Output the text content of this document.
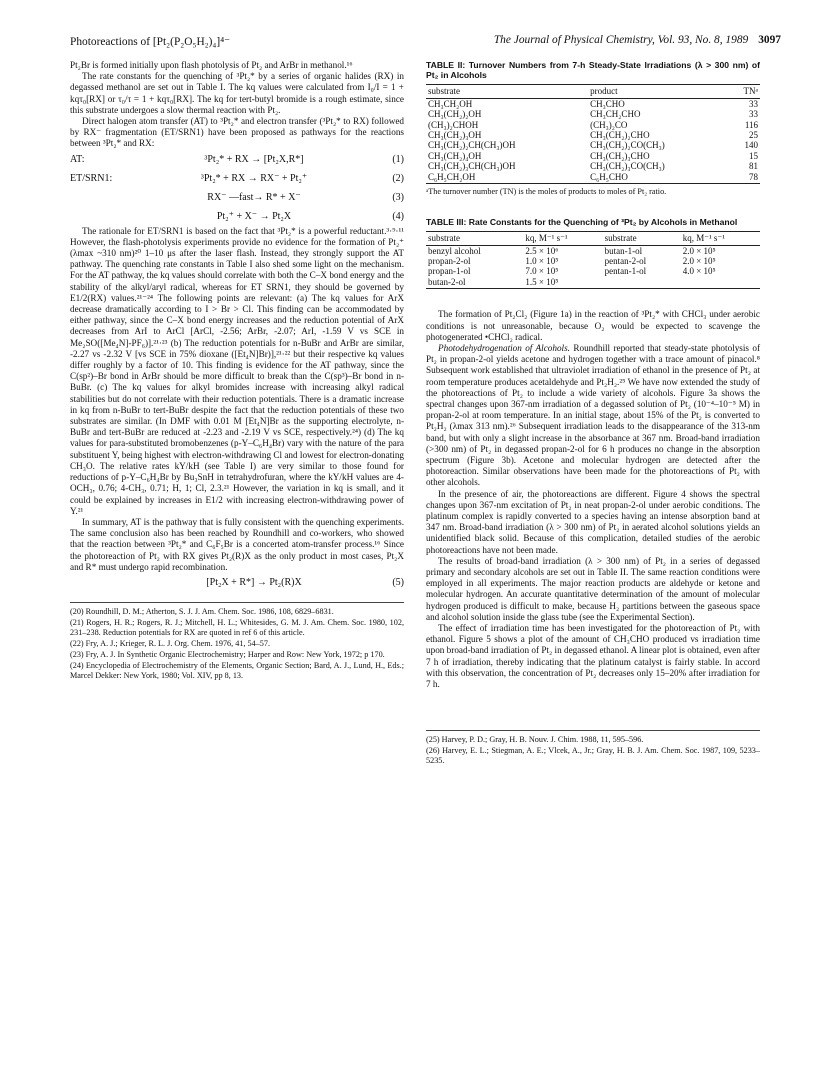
Photoreactions of [Pt₂(P₂O₅H₂)₄]⁴⁻	The Journal of Physical Chemistry, Vol. 93, No. 8, 1989 3097

Pt₂Br is formed initially upon flash photolysis of Pt₂ and ArBr in methanol.¹⁶

The rate constants for the quenching of ³Pt₂* by a series of organic halides (RX) in degassed methanol are set out in Table I. The kq values were calculated from I₀/I = 1 + kqτ₀[RX] or τ₀/τ = 1 + kqτ₀[RX]. The kq for tert-butyl bromide is a rough estimate, since this substrate undergoes a slow thermal reaction with Pt₂.

Direct halogen atom transfer (AT) to ³Pt₂* and electron transfer (³Pt₂* to RX) followed by RX⁻ fragmentation (ET/SRN1) have been proposed as pathways for the reactions between ³Pt₂* and RX:

AT:	³Pt₂* + RX → [Pt₂X,R*]	(1)
ET/SRN1:	³Pt₂* + RX → RX⁻ + Pt₂⁺	(2)
RX⁻ —fast→ R* + X⁻	(3)
Pt₂⁺ + X⁻ → Pt₂X	(4)

The rationale for ET/SRN1 is based on the fact that ³Pt₂* is a powerful reductant.³·⁹·¹¹ However, the flash-photolysis experiments provide no evidence for the formation of Pt₂⁺ (λmax ~310 nm)²⁰ 1–10 μs after the laser flash. Instead, they strongly support the AT pathway. The quenching rate constants in Table I also shed some light on the mechanism. For the AT pathway, the kq values should correlate with both the C–X bond energy and the stability of the alkyl/aryl radical, whereas for ET SRN1, they should be governed by E1/2(RX) values.²¹⁻²⁴ The following points are relevant: (a) The kq values for ArX decrease dramatically according to I > Br > Cl. This finding can be accommodated by either pathway, since the C–X bond energy increases and the reduction potential of ArX decreases from ArI to ArCl [ArCl, -2.56; ArBr, -2.07; ArI, -1.59 V vs SCE in Me₂SO([Me₄N]-PF₆)].²¹·²³ (b) The reduction potentials for n-BuBr and ArBr are similar, -2.27 vs -2.32 V [vs SCE in 75% dioxane ([Et₄N]Br)],²¹·²² but their respective kq values differ roughly by a factor of 10. This finding is evidence for the AT pathway, since the C(sp²)–Br bond in ArBr should be more difficult to break than the C(sp³)–Br bond in n-BuBr. (c) The kq values for alkyl bromides increase with increasing alkyl radical stabilities but do not correlate with their reduction potentials. There is a dramatic increase in kq from n-BuBr to tert-BuBr despite the fact that the reduction potentials of these two substrates are similar. (In DMF with 0.01 M [Et₄N]Br as the supporting electrolyte, n-BuBr and tert-BuBr are reduced at -2.23 and -2.19 V vs SCE, respectively.²⁴) (d) The kq values for para-substituted bromobenzenes (p-Y–C₆H₄Br) vary with the nature of the para substituent Y, being highest with electron-withdrawing Cl and lowest for electron-donating CH₃O. The relative rates kY/kH (see Table I) are very similar to those found for reductions of p-Y–C₆H₄Br by Bu₃SnH in tetrahydrofuran, where the kY/kH values are 4-OCH₃, 0.76; 4-CH₃, 0.71; H, 1; Cl, 2.3.²¹ However, the variation in kq is small, and it could be explained by increases in E1/2 with increasing electron-withdrawing power of Y.²¹

In summary, AT is the pathway that is fully consistent with the quenching experiments. The same conclusion also has been reached by Roundhill and co-workers, who showed that the reaction between ³Pt₂* and C₆F₅Br is a concerted atom-transfer process.¹⁶ Since the photoreaction of Pt₂ with RX gives Pt₂(R)X as the only product in most cases, Pt₂X and R* must undergo rapid recombination.

[Pt₂X + R*] → Pt₂(R)X	(5)
(20) Roundhill, D. M.; Atherton, S. J. J. Am. Chem. Soc. 1986, 108, 6829–6831.
(21) Rogers, H. R.; Rogers, R. J.; Mitchell, H. L.; Whitesides, G. M. J. Am. Chem. Soc. 1980, 102, 231–238. Reduction potentials for RX are quoted in ref 6 of this article.
(22) Fry, A. J.; Krieger, R. L. J. Org. Chem. 1976, 41, 54–57.
(23) Fry, A. J. In Synthetic Organic Electrochemistry; Harper and Row: New York, 1972; p 170.
(24) Encyclopedia of Electrochemistry of the Elements, Organic Section; Bard, A. J., Lund, H., Eds.; Marcel Dekker: New York, 1980; Vol. XIV, pp 8, 13.
TABLE II: Turnover Numbers from 7-h Steady-State Irradiations (λ > 300 nm) of Pt₂ in Alcohols
substrate	product	TNᵃ
CH₃CH₂OH	CH₃CHO	33
CH₃(CH₂)₂OH	CH₃CH₂CHO	33
(CH₃)₂CHOH	(CH₃)₂CO	116
CH₃(CH₂)₃OH	CH₃(CH₂)₂CHO	25
CH₃(CH₂)₂CH(CH₃)OH	CH₃(CH₂)₂CO(CH₃)	140
CH₃(CH₂)₄OH	CH₃(CH₂)₃CHO	15
CH₃(CH₂)₃CH(CH₃)OH	CH₃(CH₂)₃CO(CH₃)	81
C₆H₅CH₂OH	C₆H₅CHO	78
ᵃThe turnover number (TN) is the moles of products to moles of Pt₂ ratio.
TABLE III: Rate Constants for the Quenching of ³Pt₂ by Alcohols in Methanol
substrate	kq, M⁻¹ s⁻¹	substrate	kq, M⁻¹ s⁻¹
benzyl alcohol	2.5 × 10⁶	butan-1-ol	2.0 × 10⁵
propan-2-ol	1.0 × 10⁵	pentan-2-ol	2.0 × 10⁵
propan-1-ol	7.0 × 10⁵	pentan-1-ol	4.0 × 10⁵
butan-2-ol	1.5 × 10⁵		

The formation of Pt₂Cl₂ (Figure 1a) in the reaction of ³Pt₂* with CHCl₃ under aerobic conditions is not unreasonable, because O₂ would be expected to scavenge the photogenerated •CHCl₂ radical.

Photodehydrogenation of Alcohols. Roundhill reported that steady-state photolysis of Pt₂ in propan-2-ol yields acetone and hydrogen together with a trace amount of pinacol.⁸ Subsequent work established that ultraviolet irradiation of ethanol in the presence of Pt₂ at room temperature produces acetaldehyde and Pt₂H₂.²⁵ We have now extended the study of the photoreactions of Pt₂ to include a wide variety of alcohols. Figure 3a shows the spectral changes upon 367-nm irradiation of a degassed solution of Pt₂ (10⁻⁴–10⁻⁵ M) in propan-2-ol at room temperature. In an initial stage, about 15% of the Pt₂ is converted to Pt₂H₂ (λmax 313 nm).²⁶ Subsequent irradiation leads to the disappearance of the 313-nm band, but with only a slight increase in the absorbance at 367 nm. Broad-band irradiation (>300 nm) of Pt₂ in degassed propan-2-ol for 6 h produces no change in the absorption spectrum (Figure 3b). Acetone and molecular hydrogen are detected after the photoreaction. Similar observations have been made for the photoreactions of Pt₂ with other alcohols.

In the presence of air, the photoreactions are different. Figure 4 shows the spectral changes upon 367-nm excitation of Pt₂ in neat propan-2-ol under aerobic conditions. The platinum complex is rapidly converted to a species having an intense absorption band at 347 nm. Broad-band irradiation (λ > 300 nm) of Pt₂ in aerated alcohol solutions yields an unidentified black solid. Because of this complication, detailed studies of the aerobic photoreactions have not been made.

The results of broad-band irradiation (λ > 300 nm) of Pt₂ in a series of degassed primary and secondary alcohols are set out in Table II. The same reaction conditions were employed in all experiments. The major reaction products are aldehyde or ketone and molecular hydrogen. An accurate quantitative determination of the amount of molecular hydrogen produced is difficult to make, because H₂ partitions between the gaseous space and alcohol solution inside the glass tube (see the Experimental Section).

The effect of irradiation time has been investigated for the photoreaction of Pt₂ with ethanol. Figure 5 shows a plot of the amount of CH₃CHO produced vs irradiation time upon broad-band irradiation of Pt₂ in degassed ethanol. A linear plot is obtained, even after 7 h of irradiation, thereby indicating that the platinum catalyst is fairly stable. In accord with this observation, the concentration of Pt₂ decreases only 15–20% after irradiation for 7 h.

(25) Harvey, P. D.; Gray, H. B. Nouv. J. Chim. 1988, 11, 595–596.
(26) Harvey, E. L.; Stiegman, A. E.; Vlcek, A., Jr.; Gray, H. B. J. Am. Chem. Soc. 1987, 109, 5233–5235.
